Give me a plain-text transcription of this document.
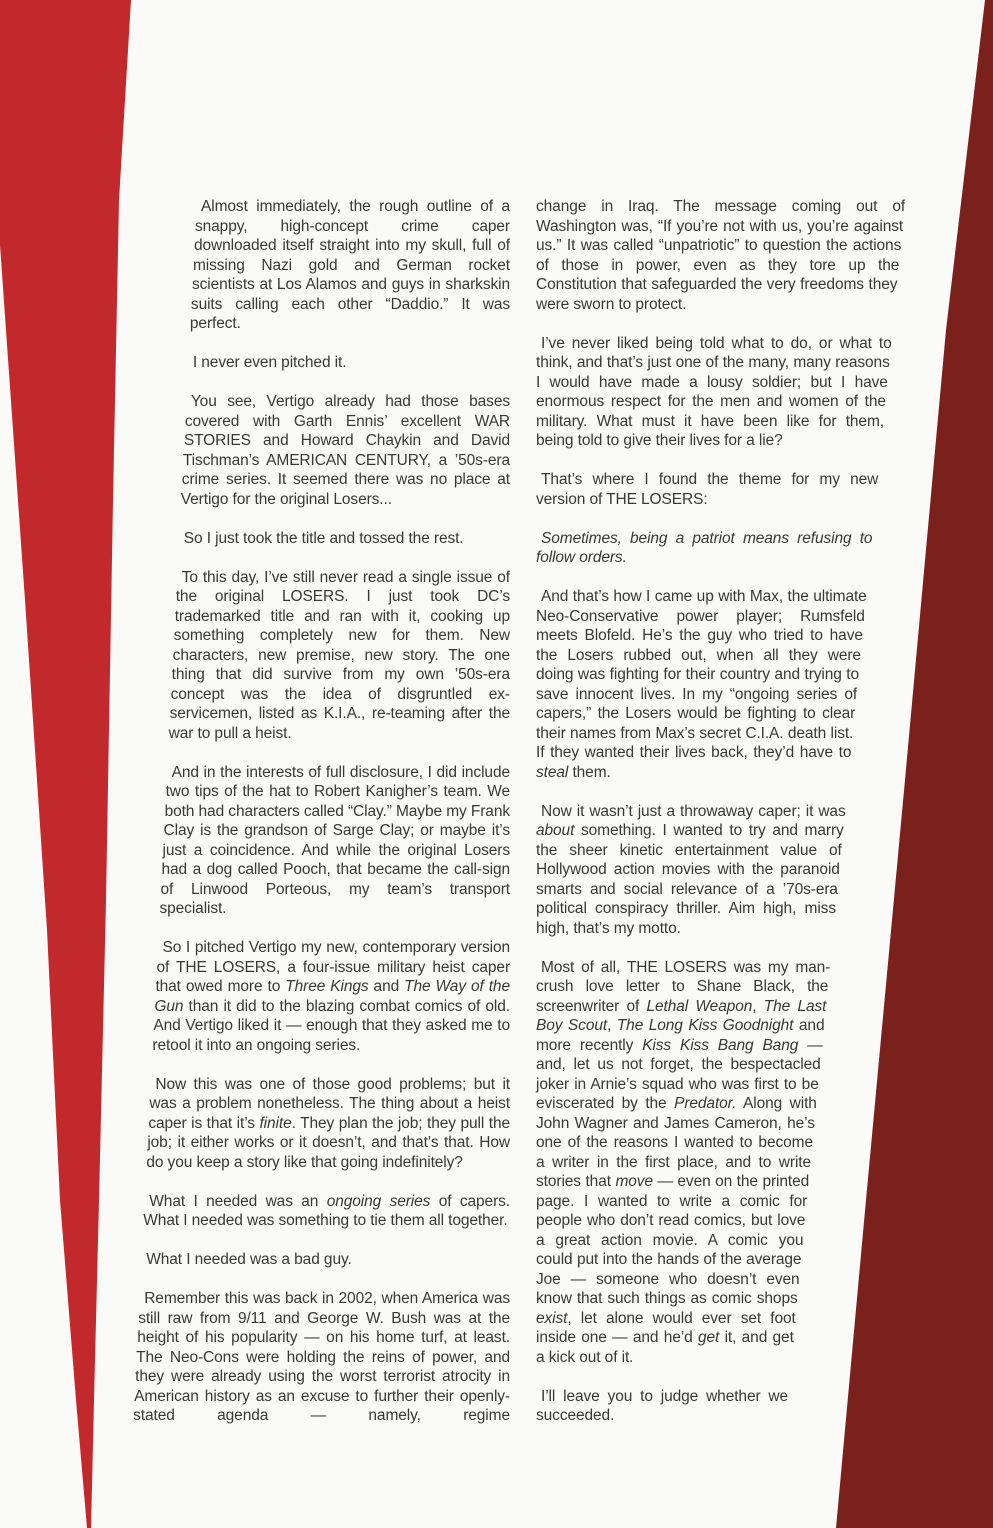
Almost immediately, the rough outline of a snappy, high-concept crime caper downloaded itself straight into my skull, full of missing Nazi gold and German rocket scientists at Los Alamos and guys in sharkskin suits calling each other “Daddio.” It was perfect.

I never even pitched it.

You see, Vertigo already had those bases covered with Garth Ennis’ excellent WAR STORIES and Howard Chaykin and David Tischman’s AMERICAN CENTURY, a ’50s-era crime series. It seemed there was no place at Vertigo for the original Losers...

So I just took the title and tossed the rest.

To this day, I’ve still never read a single issue of the original LOSERS. I just took DC’s trademarked title and ran with it, cooking up something completely new for them. New characters, new premise, new story. The one thing that did survive from my own ’50s-era concept was the idea of disgruntled ex-servicemen, listed as K.I.A., re-teaming after the war to pull a heist.

And in the interests of full disclosure, I did include two tips of the hat to Robert Kanigher’s team. We both had characters called “Clay.” Maybe my Frank Clay is the grandson of Sarge Clay; or maybe it’s just a coincidence. And while the original Losers had a dog called Pooch, that became the call-sign of Linwood Porteous, my team’s transport specialist.

So I pitched Vertigo my new, contemporary version of THE LOSERS, a four-issue military heist caper that owed more to Three Kings and The Way of the Gun than it did to the blazing combat comics of old. And Vertigo liked it — enough that they asked me to retool it into an ongoing series.

Now this was one of those good problems; but it was a problem nonetheless. The thing about a heist caper is that it’s finite. They plan the job; they pull the job; it either works or it doesn’t, and that’s that. How do you keep a story like that going indefinitely?

What I needed was an ongoing series of capers. What I needed was something to tie them all together.

What I needed was a bad guy.

Remember this was back in 2002, when America was still raw from 9/11 and George W. Bush was at the height of his popularity — on his home turf, at least. The Neo-Cons were holding the reins of power, and they were already using the worst terrorist atrocity in American history as an excuse to further their openly-stated agenda — namely, regime

change in Iraq. The message coming out of Washington was, “If you’re not with us, you’re against us.” It was called “unpatriotic” to question the actions of those in power, even as they tore up the Constitution that safeguarded the very freedoms they were sworn to protect.

I’ve never liked being told what to do, or what to think, and that’s just one of the many, many reasons I would have made a lousy soldier; but I have enormous respect for the men and women of the military. What must it have been like for them, being told to give their lives for a lie?

That’s where I found the theme for my new version of THE LOSERS:

Sometimes, being a patriot means refusing to follow orders.

And that’s how I came up with Max, the ultimate Neo-Conservative power player; Rumsfeld meets Blofeld. He’s the guy who tried to have the Losers rubbed out, when all they were doing was fighting for their country and trying to save innocent lives. In my “ongoing series of capers,” the Losers would be fighting to clear their names from Max’s secret C.I.A. death list. If they wanted their lives back, they’d have to steal them.

Now it wasn’t just a throwaway caper; it was about something. I wanted to try and marry the sheer kinetic entertainment value of Hollywood action movies with the paranoid smarts and social relevance of a ’70s-era political conspiracy thriller. Aim high, miss high, that’s my motto.

Most of all, THE LOSERS was my man-crush love letter to Shane Black, the screenwriter of Lethal Weapon, The Last Boy Scout, The Long Kiss Goodnight and more recently Kiss Kiss Bang Bang — and, let us not forget, the bespectacled joker in Arnie’s squad who was first to be eviscerated by the Predator. Along with John Wagner and James Cameron, he’s one of the reasons I wanted to become a writer in the first place, and to write stories that move — even on the printed page. I wanted to write a comic for people who don’t read comics, but love a great action movie. A comic you could put into the hands of the average Joe — someone who doesn’t even know that such things as comic shops exist, let alone would ever set foot inside one — and he’d get it, and get a kick out of it.

I’ll leave you to judge whether we succeeded.
